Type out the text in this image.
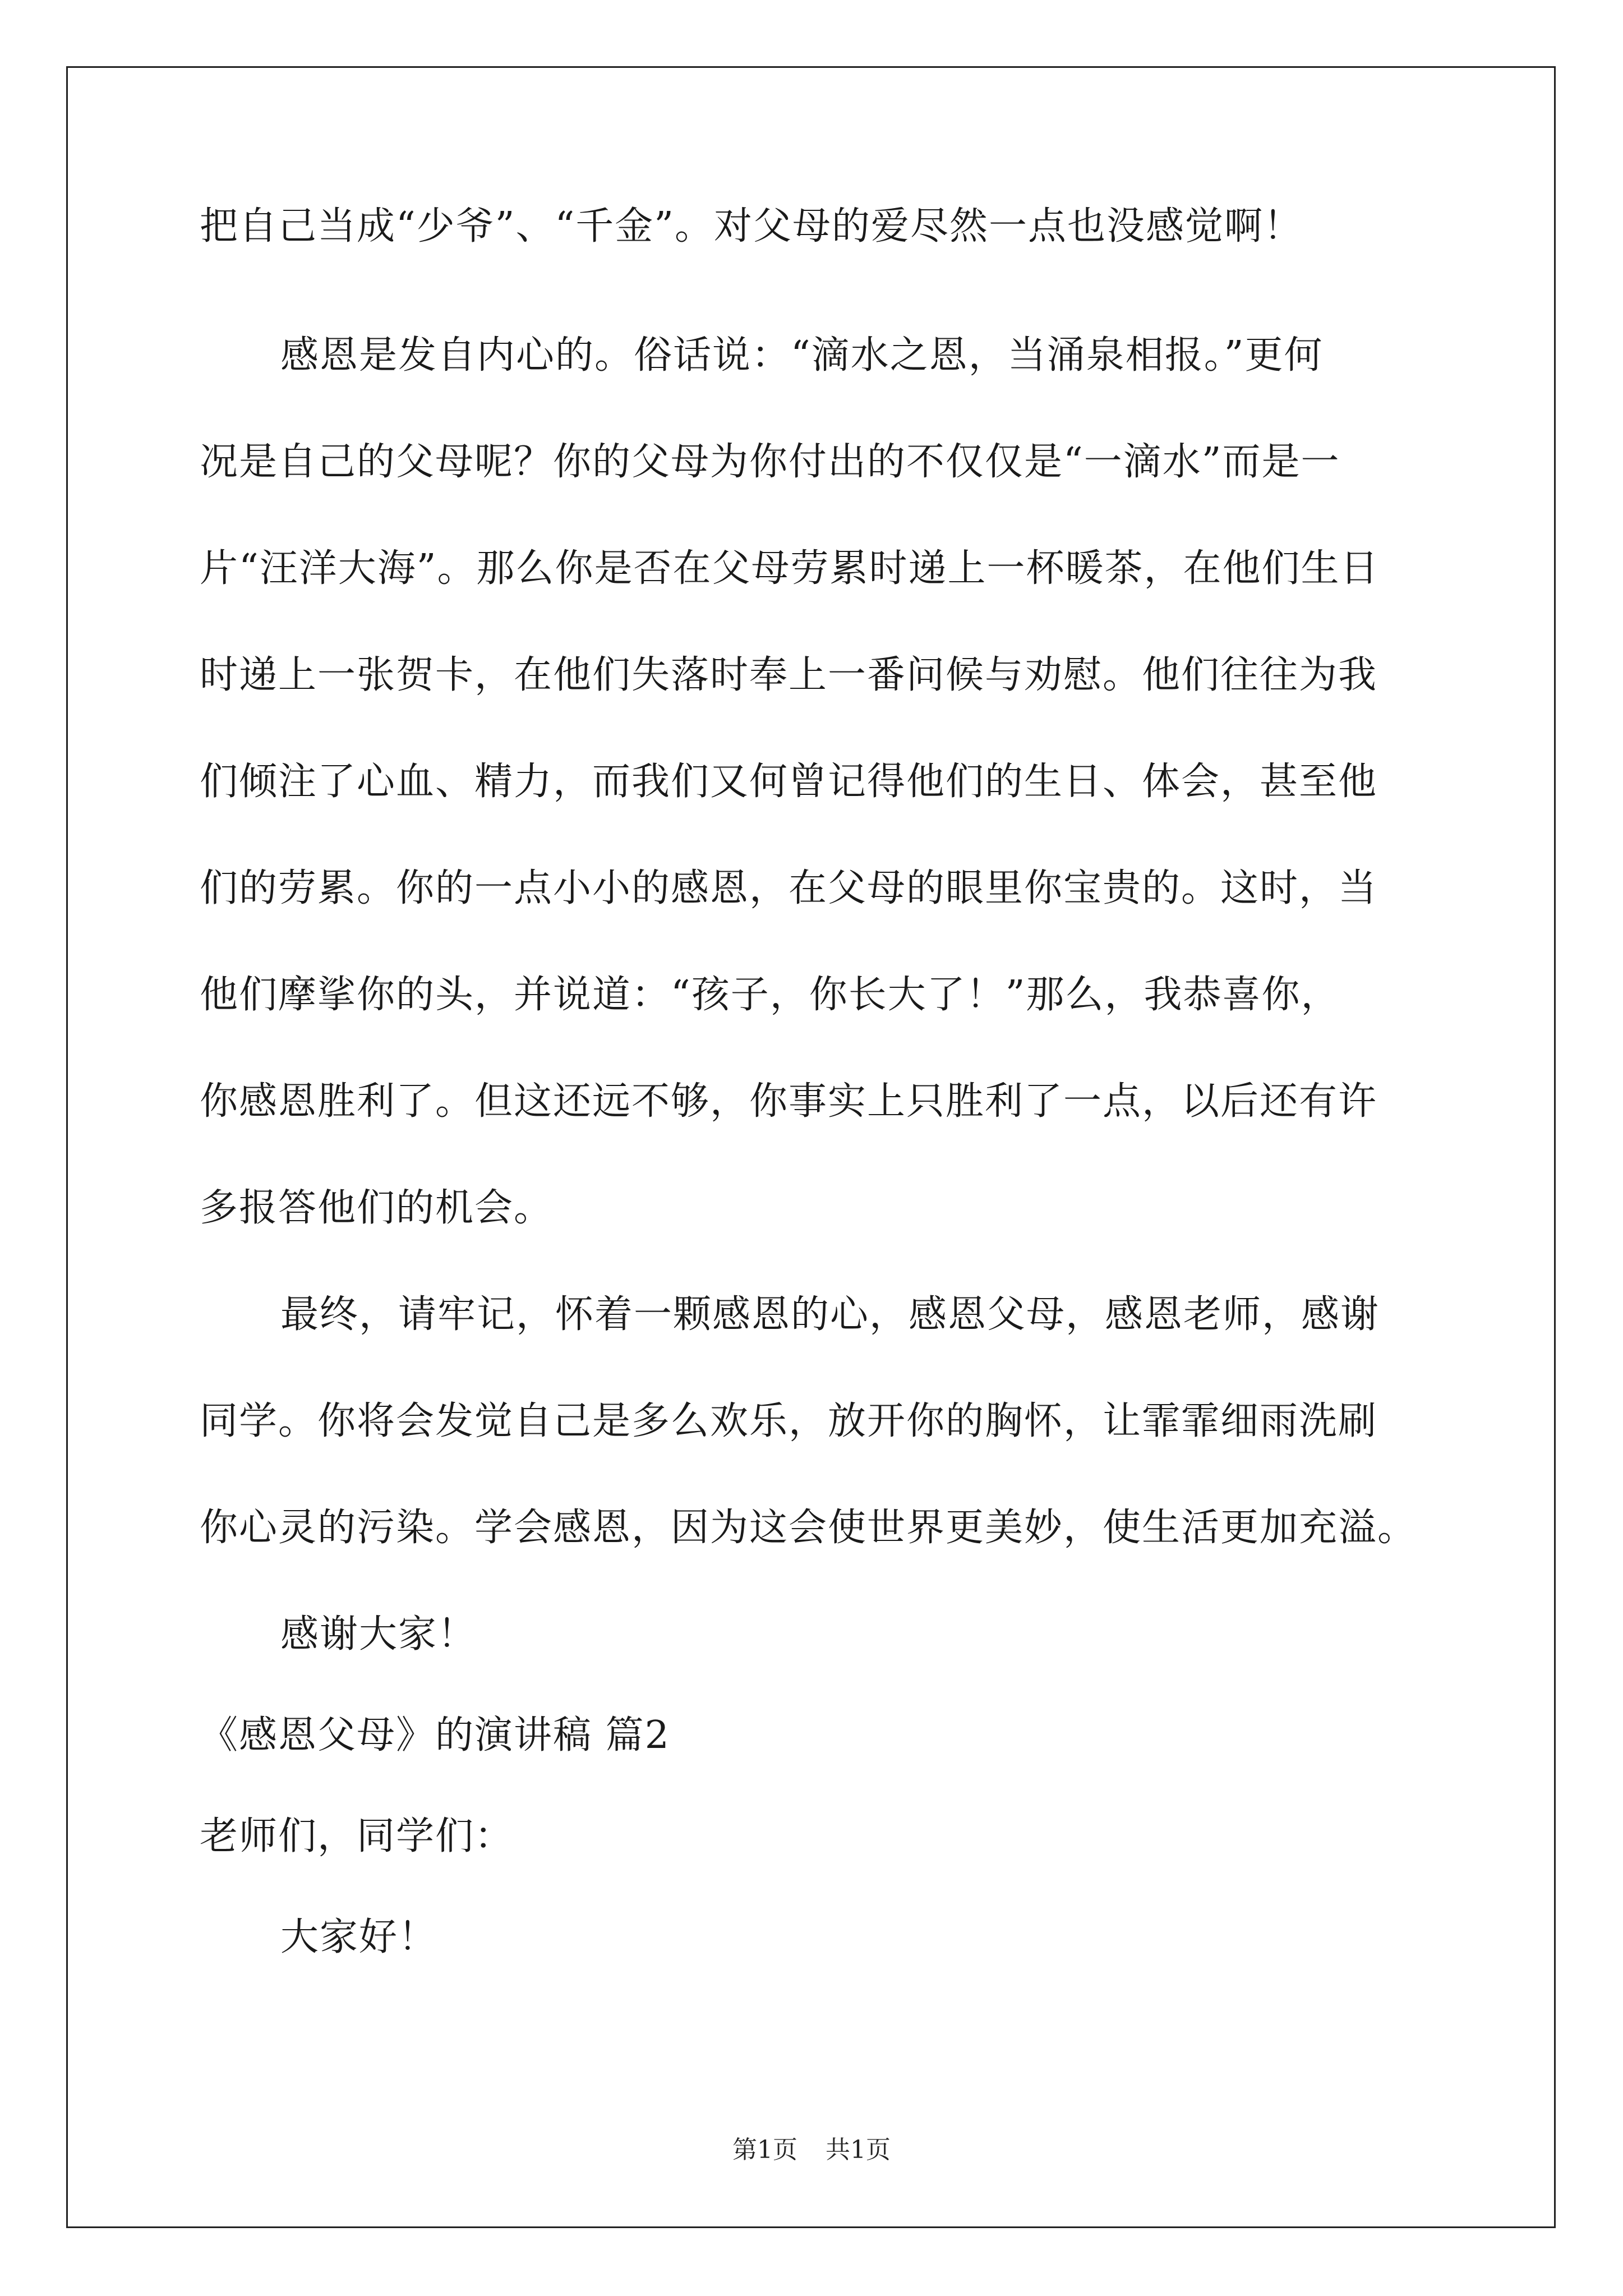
把自己当成“少爷”、“千金”。对父母的爱尽然一点也没感觉啊！

感恩是发自内心的。俗话说：“滴水之恩，当涌泉相报。”更何

况是自己的父母呢？你的父母为你付出的不仅仅是“一滴水”而是一

片“汪洋大海”。那么你是否在父母劳累时递上一杯暖茶，在他们生日

时递上一张贺卡，在他们失落时奉上一番问候与劝慰。他们往往为我

们倾注了心血、精力，而我们又何曾记得他们的生日、体会，甚至他

们的劳累。你的一点小小的感恩，在父母的眼里你宝贵的。这时，当

他们摩挲你的头，并说道：“孩子，你长大了！”那么，我恭喜你，

你感恩胜利了。但这还远不够，你事实上只胜利了一点，以后还有许

多报答他们的机会。

最终，请牢记，怀着一颗感恩的心，感恩父母，感恩老师，感谢

同学。你将会发觉自己是多么欢乐，放开你的胸怀，让霏霏细雨洗刷

你心灵的污染。学会感恩，因为这会使世界更美妙，使生活更加充溢。

感谢大家！

《感恩父母》的演讲稿 篇2

老师们，同学们：

大家好！

第1页 共1页
